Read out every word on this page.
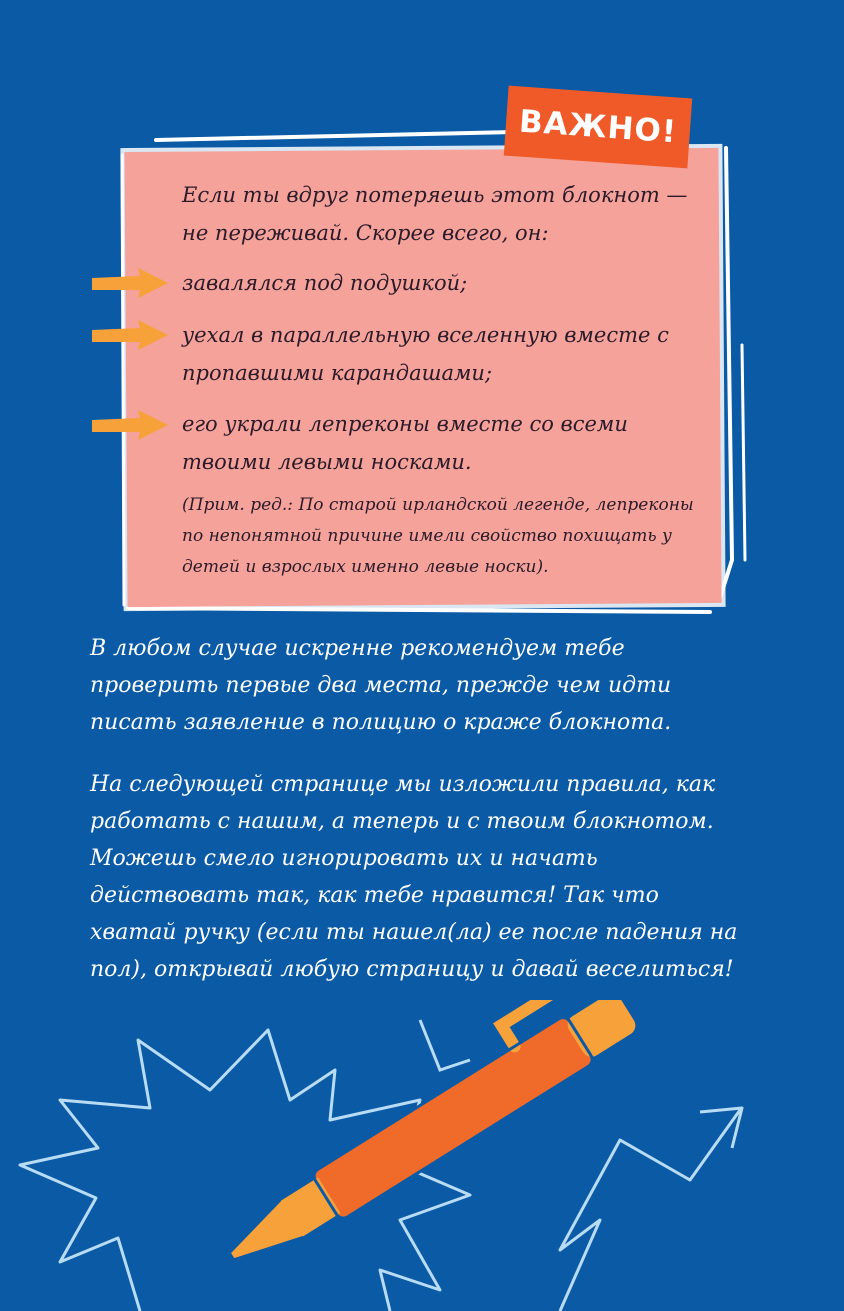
ВАЖНО!
Если ты вдруг потеряешь этот блокнот — не переживай. Скорее всего, он:
завалялся под подушкой;
уехал в параллельную вселенную вместе с пропавшими карандашами;
его украли лепреконы вместе со всеми твоими левыми носками.
(Прим. ред.: По старой ирландской легенде, лепреконы по непонятной причине имели свойство похищать у детей и взрослых именно левые носки).
В любом случае искренне рекомендуем тебе проверить первые два места, прежде чем идти писать заявление в полицию о краже блокнота.
На следующей странице мы изложили правила, как работать с нашим, а теперь и с твоим блокнотом. Можешь смело игнорировать их и начать действовать так, как тебе нравится! Так что хватай ручку (если ты нашел(ла) ее после падения на пол), открывай любую страницу и давай веселиться!
